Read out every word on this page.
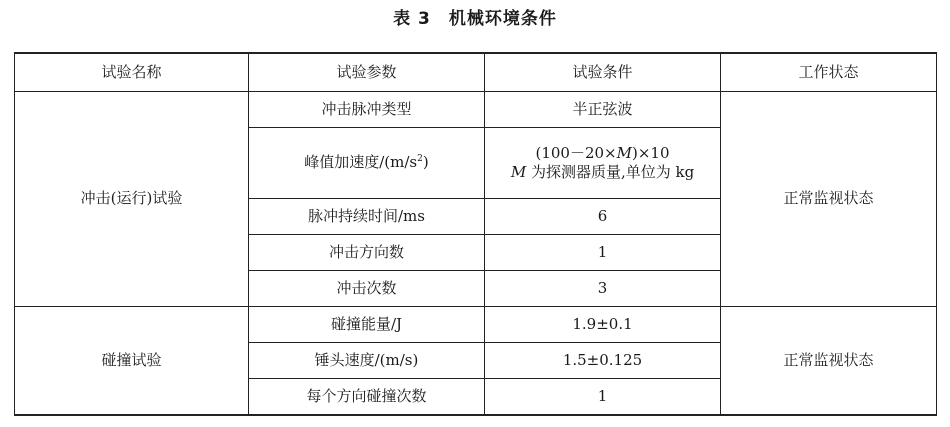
表 3 机械环境条件
试验名称	试验参数	试验条件	工作状态
冲击(运行)试验	冲击脉冲类型	半正弦波	正常监视状态
	峰值加速度$/(m/s^2)$	(100－20×M)×10
M 为探测器质量,单位为 kg	

	脉冲持续时间/ms	6	
	冲击方向数	1	
	冲击次数	3	
碰撞试验	碰撞能量/J	1.9±0.1	正常监视状态
	锤头速度/(m/s)	1.5±0.125	
	每个方向碰撞次数	1	
